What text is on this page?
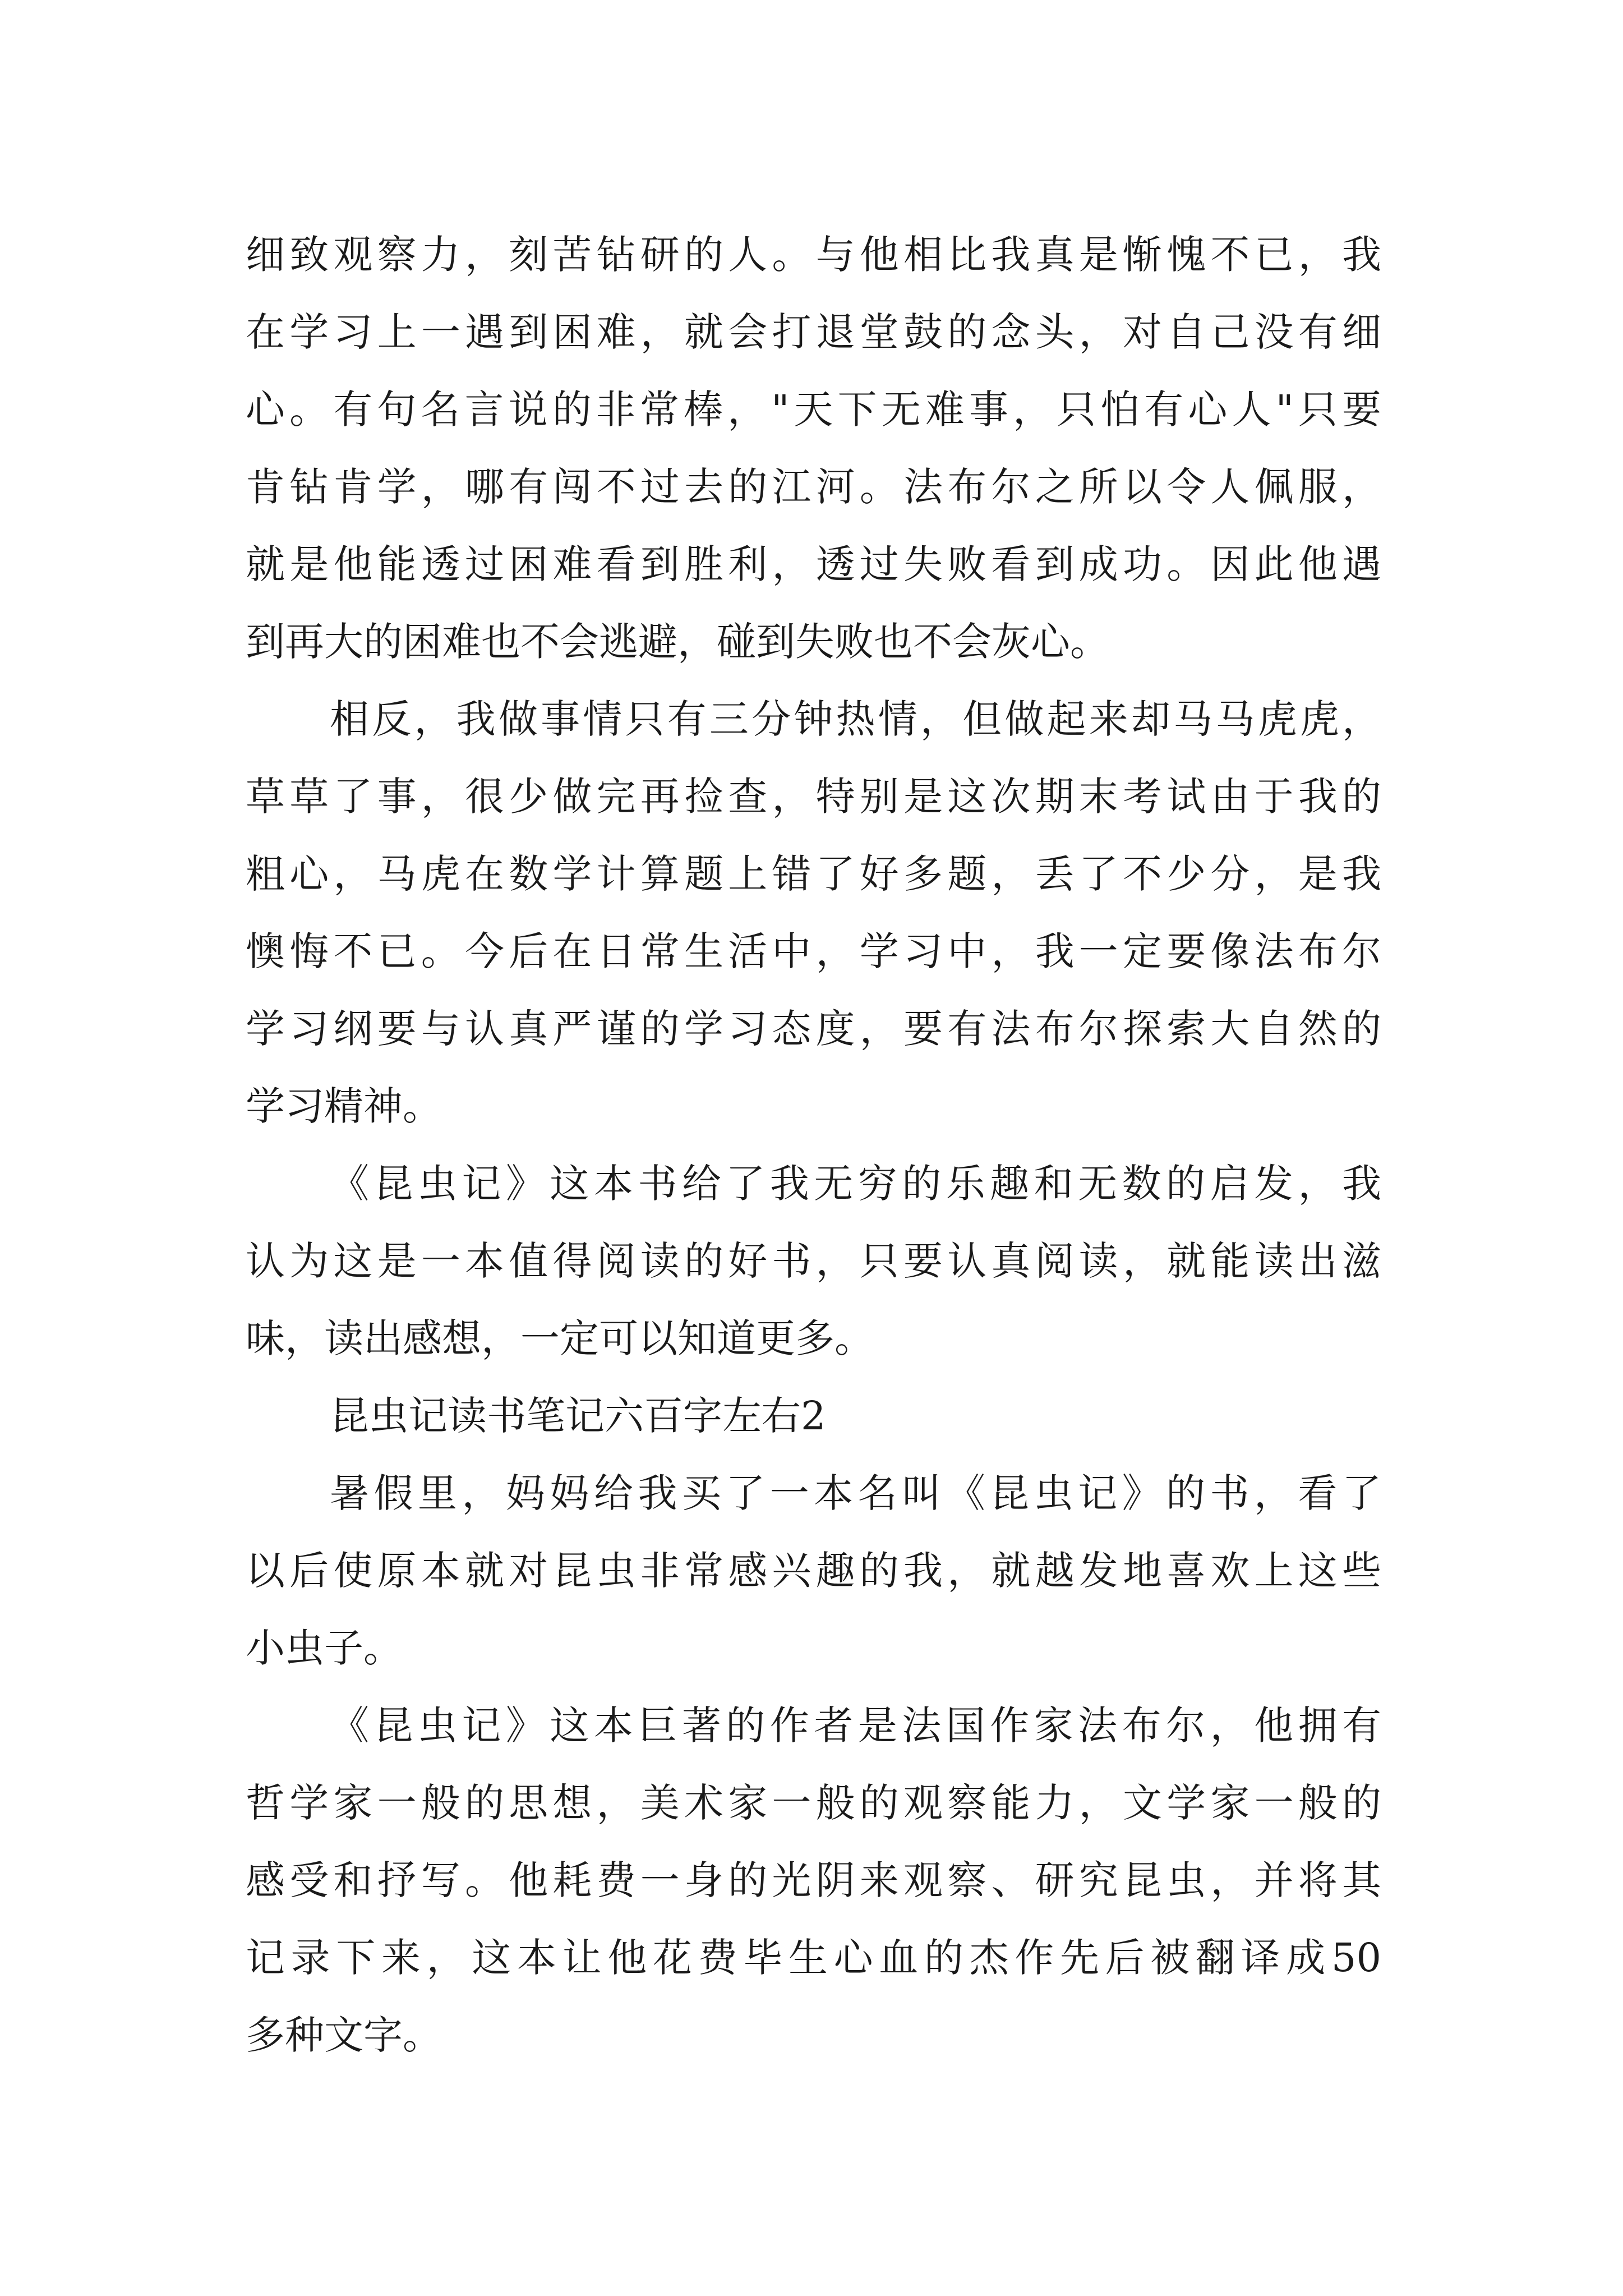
细致观察力，刻苦钻研的人。与他相比我真是惭愧不已，我
在学习上一遇到困难，就会打退堂鼓的念头，对自己没有细
心。有句名言说的非常棒，"天下无难事，只怕有心人"只要
肯钻肯学，哪有闯不过去的江河。法布尔之所以令人佩服，
就是他能透过困难看到胜利，透过失败看到成功。因此他遇
到再大的困难也不会逃避，碰到失败也不会灰心。
相反，我做事情只有三分钟热情，但做起来却马马虎虎，
草草了事，很少做完再捡查，特别是这次期末考试由于我的
粗心，马虎在数学计算题上错了好多题，丢了不少分，是我
懊悔不已。今后在日常生活中，学习中，我一定要像法布尔
学习纲要与认真严谨的学习态度，要有法布尔探索大自然的
学习精神。
《昆虫记》这本书给了我无穷的乐趣和无数的启发，我
认为这是一本值得阅读的好书，只要认真阅读，就能读出滋
味，读出感想，一定可以知道更多。
昆虫记读书笔记六百字左右2
暑假里，妈妈给我买了一本名叫《昆虫记》的书，看了
以后使原本就对昆虫非常感兴趣的我，就越发地喜欢上这些
小虫子。
《昆虫记》这本巨著的作者是法国作家法布尔，他拥有
哲学家一般的思想，美术家一般的观察能力，文学家一般的
感受和抒写。他耗费一身的光阴来观察、研究昆虫，并将其
记录下来，这本让他花费毕生心血的杰作先后被翻译成50
多种文字。
